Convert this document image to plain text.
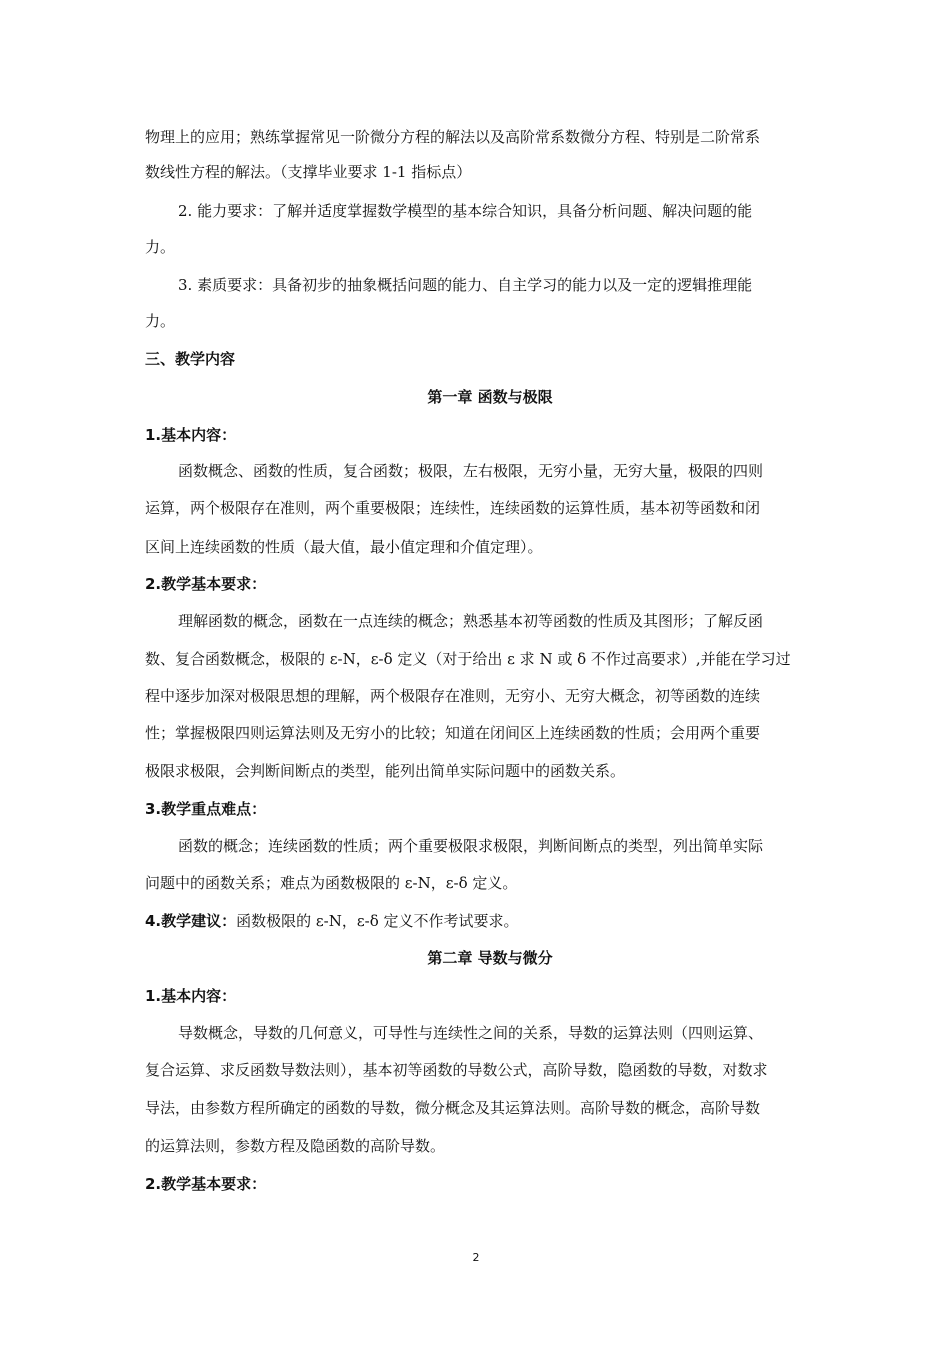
物理上的应用；熟练掌握常见一阶微分方程的解法以及高阶常系数微分方程、特别是二阶常系
数线性方程的解法。（支撑毕业要求 1-1 指标点）
2. 能力要求：了解并适度掌握数学模型的基本综合知识，具备分析问题、解决问题的能
力。
3. 素质要求：具备初步的抽象概括问题的能力、自主学习的能力以及一定的逻辑推理能
力。
三、教学内容
第一章 函数与极限
1.基本内容：
函数概念、函数的性质，复合函数；极限，左右极限，无穷小量，无穷大量，极限的四则
运算，两个极限存在准则，两个重要极限；连续性，连续函数的运算性质，基本初等函数和闭
区间上连续函数的性质（最大值，最小值定理和介值定理）。
2.教学基本要求：
理解函数的概念，函数在一点连续的概念；熟悉基本初等函数的性质及其图形；了解反函
数、复合函数概念，极限的 ε-N，ε-δ 定义（对于给出 ε 求 N 或 δ 不作过高要求）,并能在学习过
程中逐步加深对极限思想的理解，两个极限存在准则，无穷小、无穷大概念，初等函数的连续
性；掌握极限四则运算法则及无穷小的比较；知道在闭间区上连续函数的性质；会用两个重要
极限求极限，会判断间断点的类型，能列出简单实际问题中的函数关系。
3.教学重点难点：
函数的概念；连续函数的性质；两个重要极限求极限，判断间断点的类型，列出简单实际
问题中的函数关系；难点为函数极限的 ε-N，ε-δ 定义。
4.教学建议：函数极限的 ε-N，ε-δ 定义不作考试要求。
第二章 导数与微分
1.基本内容：
导数概念，导数的几何意义，可导性与连续性之间的关系，导数的运算法则（四则运算、
复合运算、求反函数导数法则），基本初等函数的导数公式，高阶导数，隐函数的导数，对数求
导法，由参数方程所确定的函数的导数，微分概念及其运算法则。高阶导数的概念，高阶导数
的运算法则，参数方程及隐函数的高阶导数。
2.教学基本要求：
2
